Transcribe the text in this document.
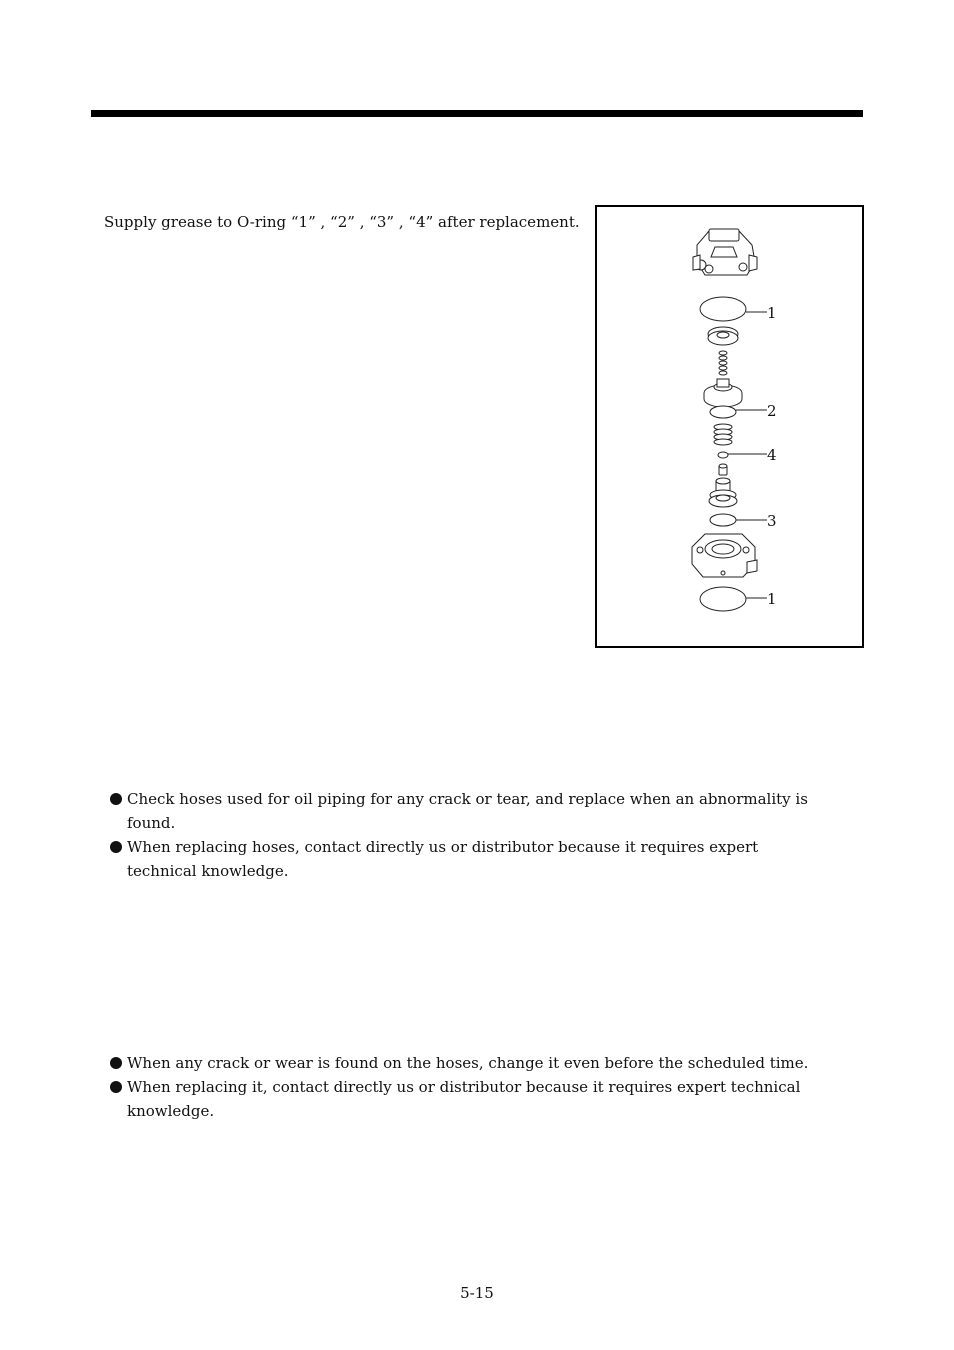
Supply grease to O-ring “1” , “2” , “3” , “4” after replacement.

1
2
4
3
1
Check hoses used for oil piping for any crack or tear, and replace when an abnormality is found.
When replacing hoses, contact directly us or distributor because it requires expert technical knowledge.
When any crack or wear is found on the hoses, change it even before the scheduled time.
When replacing it, contact directly us or distributor because it requires expert technical knowledge.
5-15
